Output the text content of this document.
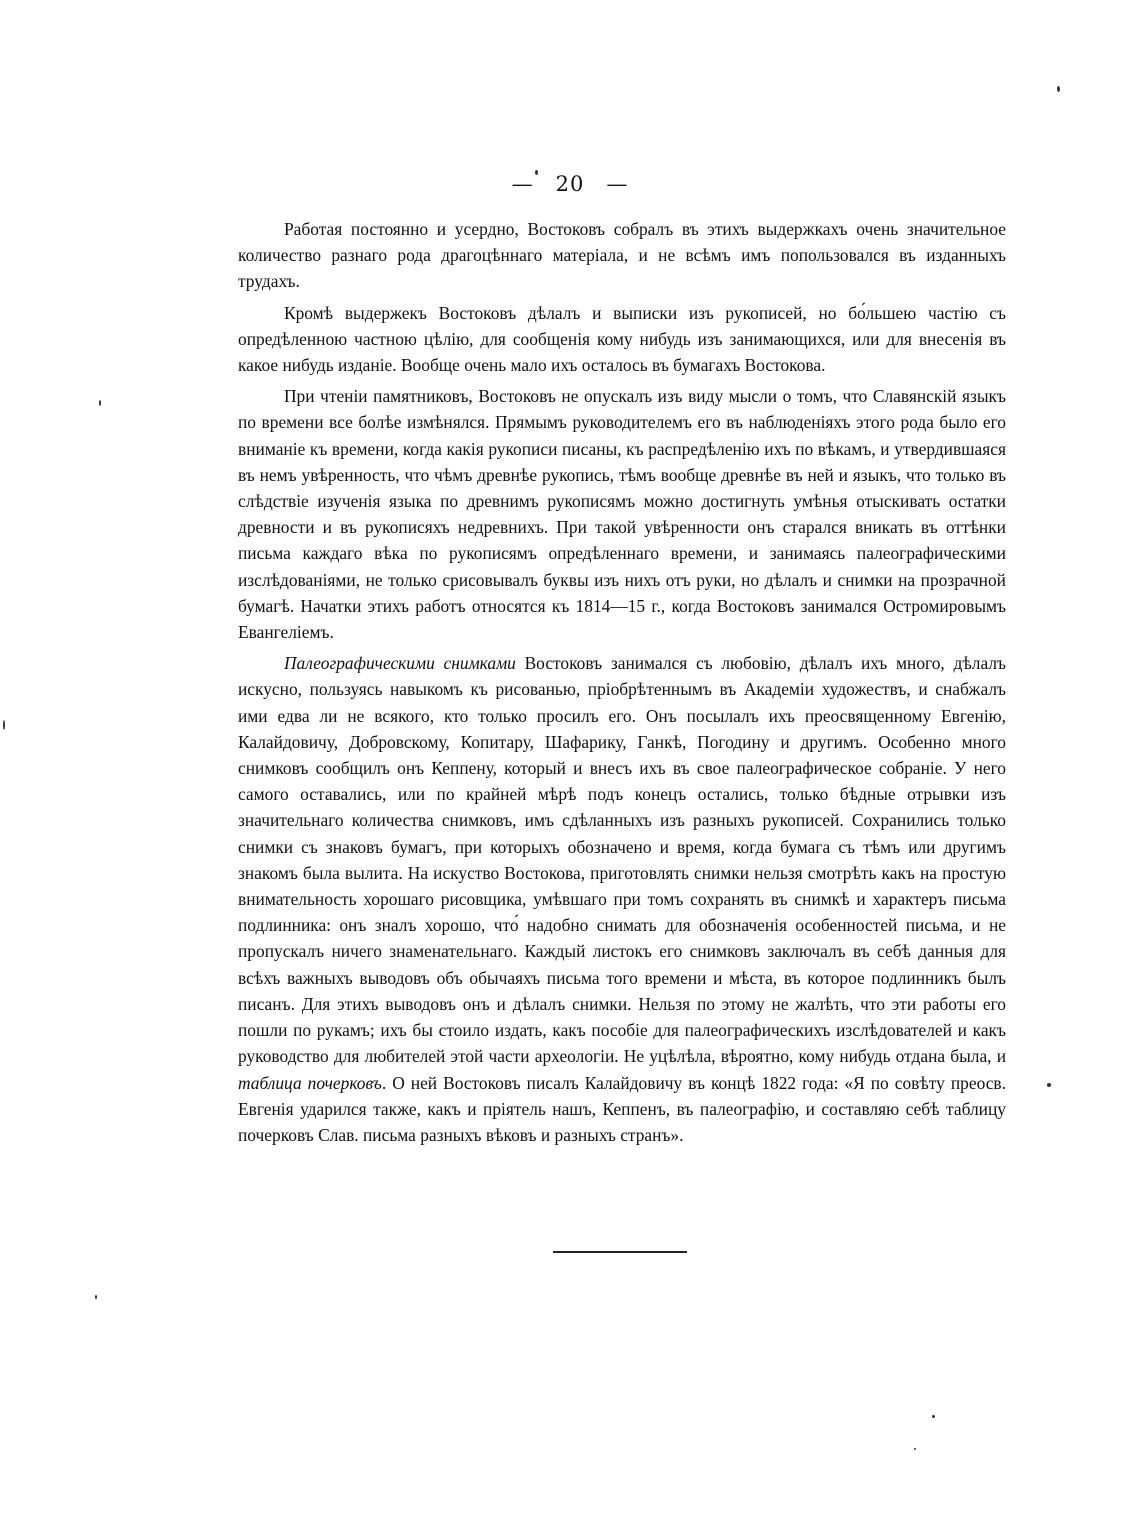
— 20 —

Работая постоянно и усердно, Востоковъ собралъ въ этихъ выдержкахъ очень значительное количество разнаго рода драгоцѣннаго матеріала, и не всѣмъ имъ попользовался въ изданныхъ трудахъ.

Кромѣ выдержекъ Востоковъ дѣлалъ и выписки изъ рукописей, но бо́льшею частію съ опредѣленною частною цѣлію, для сообщенія кому нибудь изъ занимающихся, или для внесенія въ какое нибудь изданіе. Вообще очень мало ихъ осталось въ бумагахъ Востокова.

При чтеніи памятниковъ, Востоковъ не опускалъ изъ виду мысли о томъ, что Славянскій языкъ по времени все болѣе измѣнялся. Прямымъ руководителемъ его въ наблюденіяхъ этого рода было его вниманіе къ времени, когда какія рукописи писаны, къ распредѣленію ихъ по вѣкамъ, и утвердившаяся въ немъ увѣренность, что чѣмъ древнѣе рукопись, тѣмъ вообще древнѣе въ ней и языкъ, что только въ слѣдствіе изученія языка по древнимъ рукописямъ можно достигнуть умѣнья отыскивать остатки древности и въ рукописяхъ недревнихъ. При такой увѣренности онъ старался вникать въ оттѣнки письма каждаго вѣка по рукописямъ опредѣленнаго времени, и занимаясь палеографическими изслѣдованіями, не только срисовывалъ буквы изъ нихъ отъ руки, но дѣлалъ и снимки на прозрачной бумагѣ. Начатки этихъ работъ относятся къ 1814—15 г., когда Востоковъ занимался Остромировымъ Евангеліемъ.

Палеографическими снимками Востоковъ занимался съ любовію, дѣлалъ ихъ много, дѣлалъ искусно, пользуясь навыкомъ къ рисованью, пріобрѣтеннымъ въ Академіи художествъ, и снабжалъ ими едва ли не всякого, кто только просилъ его. Онъ посылалъ ихъ преосвященному Евгенію, Калайдовичу, Добровскому, Копитару, Шафарику, Ганкѣ, Погодину и другимъ. Особенно много снимковъ сообщилъ онъ Кеппену, который и внесъ ихъ въ свое палеографическое собраніе. У него самого оставались, или по крайней мѣрѣ подъ конецъ остались, только бѣдные отрывки изъ значительнаго количества снимковъ, имъ сдѣланныхъ изъ разныхъ рукописей. Сохранились только снимки съ знаковъ бумагъ, при которыхъ обозначено и время, когда бумага съ тѣмъ или другимъ знакомъ была вылита. На искуство Востокова, приготовлять снимки нельзя смотрѣть какъ на простую внимательность хорошаго рисовщика, умѣвшаго при томъ сохранять въ снимкѣ и характеръ письма подлинника: онъ зналъ хорошо, что́ надобно снимать для обозначенія особенностей письма, и не пропускалъ ничего знаменательнаго. Каждый листокъ его снимковъ заключалъ въ себѣ данныя для всѣхъ важныхъ выводовъ объ обычаяхъ письма того времени и мѣста, въ которое подлинникъ былъ писанъ. Для этихъ выводовъ онъ и дѣлалъ снимки. Нельзя по этому не жалѣть, что эти работы его пошли по рукамъ; ихъ бы стоило издать, какъ пособіе для палеографическихъ изслѣдователей и какъ руководство для любителей этой части археологіи. Не уцѣлѣла, вѣроятно, кому нибудь отдана была, и таблица почерковъ. О ней Востоковъ писалъ Калайдовичу въ концѣ 1822 года: «Я по совѣту преосв. Евгенія ударился также, какъ и пріятель нашъ, Кеппенъ, въ палеографію, и составляю себѣ таблицу почерковъ Слав. письма разныхъ вѣковъ и разныхъ странъ».
